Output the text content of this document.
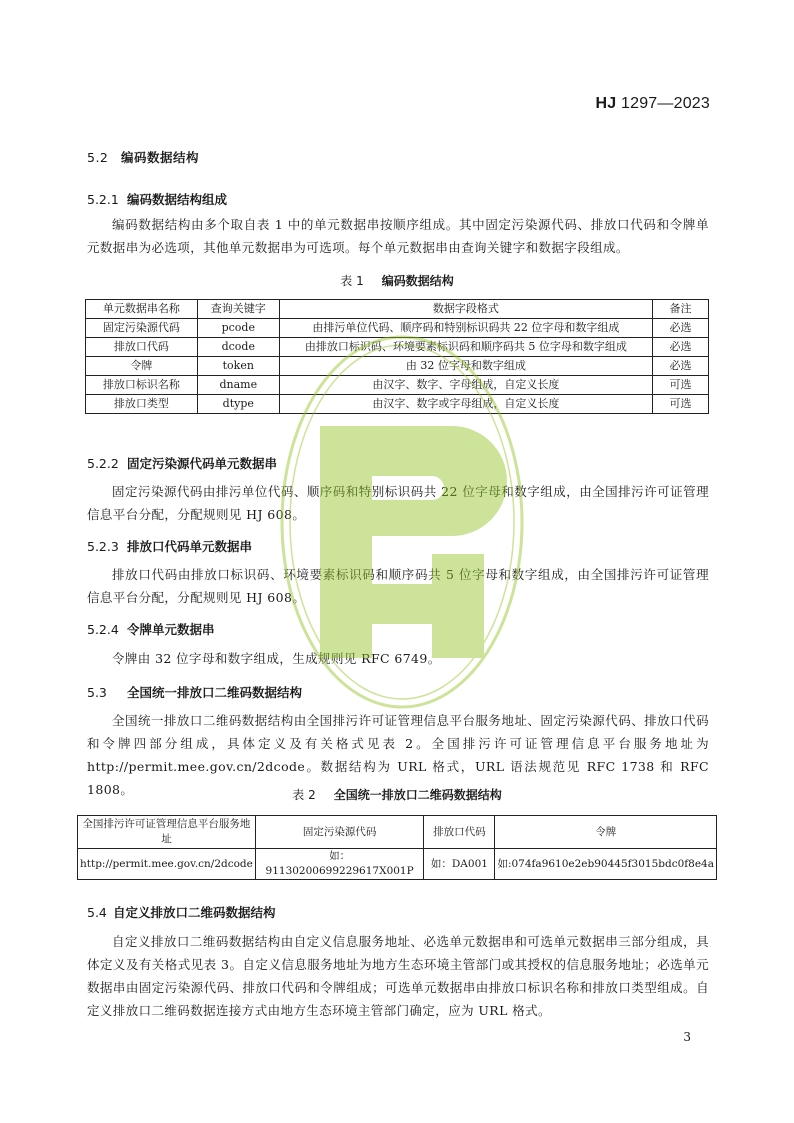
HJ 1297—2023
5.2 编码数据结构
5.2.1 编码数据结构组成
编码数据结构由多个取自表 1 中的单元数据串按顺序组成。其中固定污染源代码、排放口代码和令牌单元数据串为必选项，其他单元数据串为可选项。每个单元数据串由查询关键字和数据字段组成。
表 1 编码数据结构
单元数据串名称	查询关键字	数据字段格式	备注
固定污染源代码	pcode	由排污单位代码、顺序码和特别标识码共 22 位字母和数字组成	必选
排放口代码	dcode	由排放口标识码、环境要素标识码和顺序码共 5 位字母和数字组成	必选
令牌	token	由 32 位字母和数字组成	必选
排放口标识名称	dname	由汉字、数字、字母组成，自定义长度	可选
排放口类型	dtype	由汉字、数字或字母组成，自定义长度	可选
5.2.2 固定污染源代码单元数据串
固定污染源代码由排污单位代码、顺序码和特别标识码共 22 位字母和数字组成，由全国排污许可证管理信息平台分配，分配规则见 HJ 608。
5.2.3 排放口代码单元数据串
排放口代码由排放口标识码、环境要素标识码和顺序码共 5 位字母和数字组成，由全国排污许可证管理信息平台分配，分配规则见 HJ 608。
5.2.4 令牌单元数据串
令牌由 32 位字母和数字组成，生成规则见 RFC 6749。
5.3 全国统一排放口二维码数据结构
全国统一排放口二维码数据结构由全国排污许可证管理信息平台服务地址、固定污染源代码、排放口代码和令牌四部分组成，具体定义及有关格式见表 2。全国排污许可证管理信息平台服务地址为 http://permit.mee.gov.cn/2dcode。数据结构为 URL 格式，URL 语法规范见 RFC 1738 和 RFC 1808。	表 2 全国统一排放口二维码数据结构
全国排污许可证管理信息平台服务地址	固定污染源代码	排放口代码	令牌
http://permit.mee.gov.cn/2dcode	如：91130200699229617X001P	如：DA001	如:074fa9610e2eb90445f3015bdc0f8e4a
5.4 自定义排放口二维码数据结构
自定义排放口二维码数据结构由自定义信息服务地址、必选单元数据串和可选单元数据串三部分组成，具体定义及有关格式见表 3。自定义信息服务地址为地方生态环境主管部门或其授权的信息服务地址；必选单元数据串由固定污染源代码、排放口代码和令牌组成；可选单元数据串由排放口标识名称和排放口类型组成。自定义排放口二维码数据连接方式由地方生态环境主管部门确定，应为 URL 格式。
3
